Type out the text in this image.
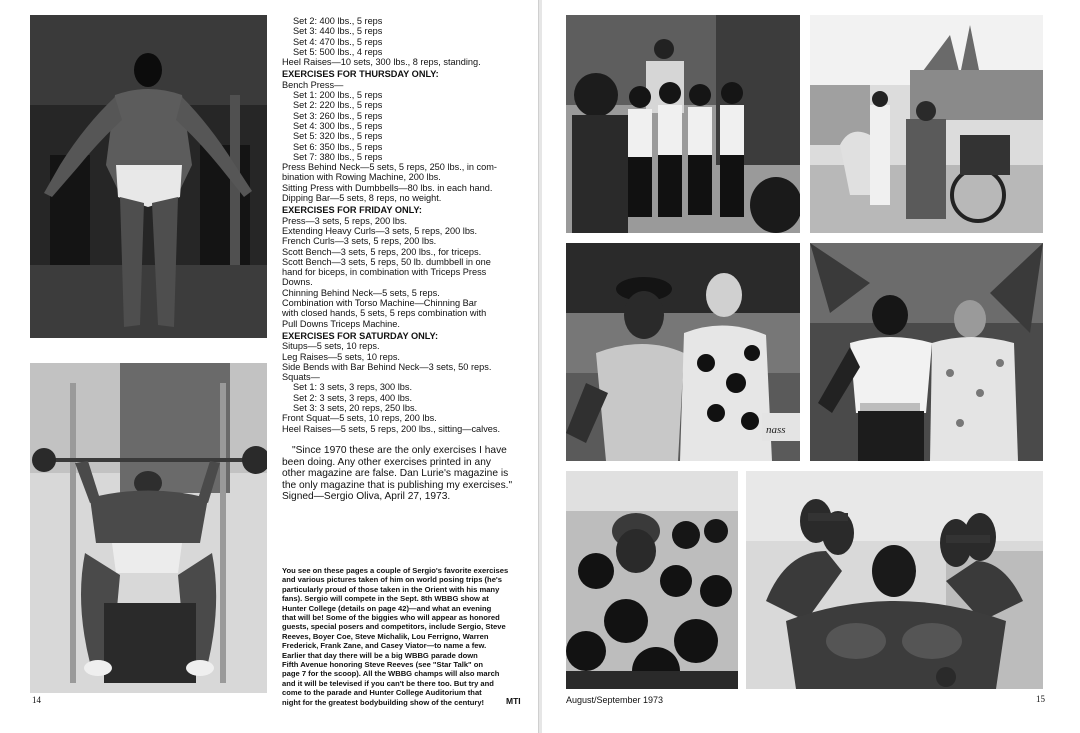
Set 2: 400 lbs., 5 reps
Set 3: 440 lbs., 5 reps
Set 4: 470 lbs., 5 reps
Set 5: 500 lbs., 4 reps
Heel Raises—10 sets, 300 lbs., 8 reps, standing.
EXERCISES FOR THURSDAY ONLY:
Bench Press—
Set 1: 200 lbs., 5 reps
Set 2: 220 lbs., 5 reps
Set 3: 260 lbs., 5 reps
Set 4: 300 lbs., 5 reps
Set 5: 320 lbs., 5 reps
Set 6: 350 lbs., 5 reps
Set 7: 380 lbs., 5 reps
Press Behind Neck—5 sets, 5 reps, 250 lbs., in com-
bination with Rowing Machine, 200 lbs.
Sitting Press with Dumbbells—80 lbs. in each hand.
Dipping Bar—5 sets, 8 reps, no weight.
EXERCISES FOR FRIDAY ONLY:
Press—3 sets, 5 reps, 200 lbs.
Extending Heavy Curls—3 sets, 5 reps, 200 lbs.
French Curls—3 sets, 5 reps, 200 lbs.
Scott Bench—3 sets, 5 reps, 200 lbs., for triceps.
Scott Bench—3 sets, 5 reps, 50 lb. dumbbell in one
hand for biceps, in combination with Triceps Press
Downs.
Chinning Behind Neck—5 sets, 5 reps.
Combination with Torso Machine—Chinning Bar
with closed hands, 5 sets, 5 reps combination with
Pull Downs Triceps Machine.
EXERCISES FOR SATURDAY ONLY:
Situps—5 sets, 10 reps.
Leg Raises—5 sets, 10 reps.
Side Bends with Bar Behind Neck—3 sets, 50 reps.
Squats—
Set 1: 3 sets, 3 reps, 300 lbs.
Set 2: 3 sets, 3 reps, 400 lbs.
Set 3: 3 sets, 20 reps, 250 lbs.
Front Squat—5 sets, 10 reps, 200 lbs.
Heel Raises—5 sets, 5 reps, 200 lbs., sitting—calves.
"Since 1970 these are the only exercises I have
been doing. Any other exercises printed in any
other magazine are false. Dan Lurie's magazine is
the only magazine that is publishing my exercises."
Signed—Sergio Oliva, April 27, 1973.
You see on these pages a couple of Sergio's favorite exercises
and various pictures taken of him on world posing trips (he's
particularly proud of those taken in the Orient with his many
fans). Sergio will compete in the Sept. 8th WBBG show at
Hunter College (details on page 42)—and what an evening
that will be! Some of the biggies who will appear as honored
guests, special posers and competitors, include Sergio, Steve
Reeves, Boyer Coe, Steve Michalik, Lou Ferrigno, Warren
Frederick, Frank Zane, and Casey Viator—to name a few.
Earlier that day there will be a big WBBG parade down
Fifth Avenue honoring Steve Reeves (see "Star Talk" on
page 7 for the scoop). All the WBBG champs will also march
and it will be televised if you can't be there too. But try and
come to the parade and Hunter College Auditorium that
night for the greatest bodybuilding show of the century!
14	MTI
nass
August/September 1973	15
